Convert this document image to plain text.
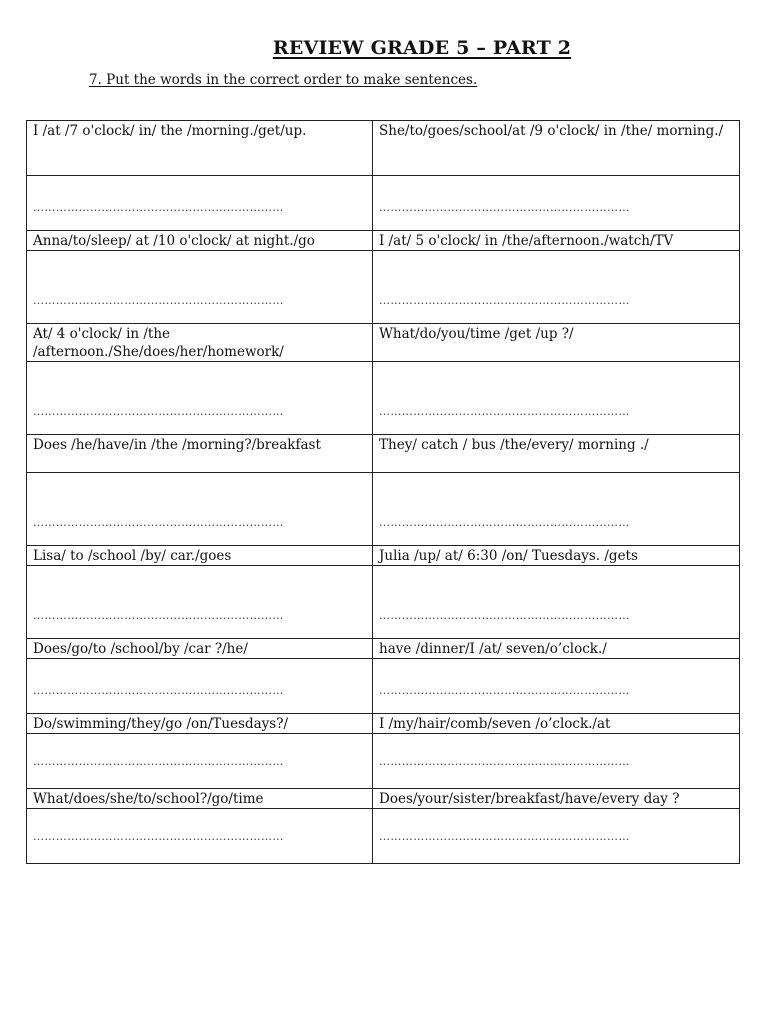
REVIEW GRADE 5 – PART 2

7. Put the words in the correct order to make sentences.

I /at /7 o'clock/ in/ the /morning./get/up.	She/to/goes/school/at /9 o'clock/ in /the/ morning./

…………………………………………………………	…………………………………………………………

Anna/to/sleep/ at /10 o'clock/ at night./go	I /at/ 5 o'clock/ in /the/afternoon./watch/TV

…………………………………………………………	…………………………………………………………

At/ 4 o'clock/ in /the /afternoon./She/does/her/homework/	What/do/you/time /get /up ?/

…………………………………………………………	…………………………………………………………

Does /he/have/in /the /morning?/breakfast	They/ catch / bus /the/every/ morning ./

…………………………………………………………	…………………………………………………………

Lisa/ to /school /by/ car./goes	Julia /up/ at/ 6:30 /on/ Tuesdays. /gets

…………………………………………………………	…………………………………………………………

Does/go/to /school/by /car ?/he/	have /dinner/I /at/ seven/o’clock./

…………………………………………………………	…………………………………………………………

Do/swimming/they/go /on/Tuesdays?/	I /my/hair/comb/seven /o’clock./at

…………………………………………………………	…………………………………………………………

What/does/she/to/school?/go/time	Does/your/sister/breakfast/have/every day ?

…………………………………………………………	…………………………………………………………
